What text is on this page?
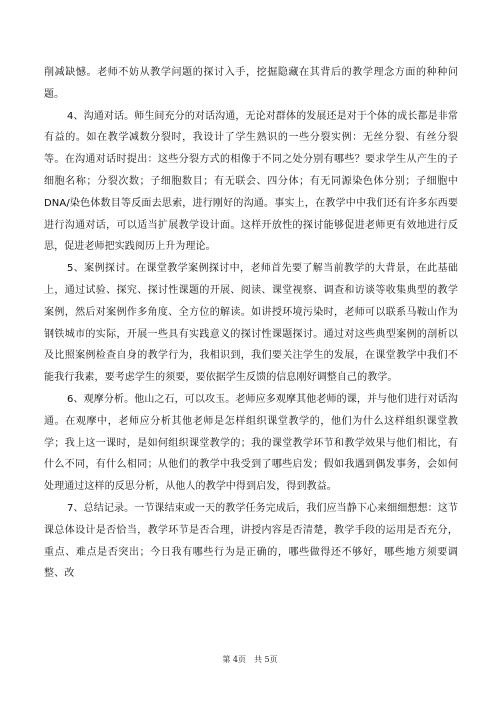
削减缺憾。老师不妨从教学问题的探讨入手，挖掘隐藏在其背后的教学理念方面的种种问题。

4、沟通对话。师生间充分的对话沟通，无论对群体的发展还是对于个体的成长都是非常有益的。如在教学减数分裂时，我设计了学生熟识的一些分裂实例：无丝分裂、有丝分裂等。在沟通对话时提出：这些分裂方式的相像于不同之处分别有哪些？要求学生从产生的子细胞名称；分裂次数；子细胞数目；有无联会、四分体；有无同源染色体分别；子细胞中DNA/染色体数目等反面去思索，进行刚好的沟通。事实上，在教学中中我们还有许多东西要进行沟通对话，可以适当扩展教学设计面。这样开放性的探讨能够促进老师更有效地进行反思，促进老师把实践阅历上升为理论。

5、案例探讨。在课堂教学案例探讨中，老师首先要了解当前教学的大背景，在此基础上，通过试验、探究、探讨性课题的开展、阅读、课堂视察、调查和访谈等收集典型的教学案例，然后对案例作多角度、全方位的解读。如讲授环境污染时，老师可以联系马鞍山作为钢铁城市的实际，开展一些具有实践意义的探讨性课题探讨。通过对这些典型案例的剖析以及比照案例检查自身的教学行为，我相识到，我们要关注学生的发展，在课堂教学中我们不能我行我素，要考虑学生的须要，要依据学生反馈的信息刚好调整自己的教学。

6、观摩分析。他山之石，可以攻玉。老师应多观摩其他老师的课，并与他们进行对话沟通。在观摩中，老师应分析其他老师是怎样组织课堂教学的，他们为什么这样组织课堂教学；我上这一课时，是如何组织课堂教学的；我的课堂教学环节和教学效果与他们相比，有什么不同，有什么相同；从他们的教学中我受到了哪些启发；假如我遇到偶发事务，会如何处理通过这样的反思分析，从他人的教学中得到启发，得到教益。

7、总结记录。一节课结束或一天的教学任务完成后，我们应当静下心来细细想想：这节课总体设计是否恰当，教学环节是否合理，讲授内容是否清楚，教学手段的运用是否充分，重点、难点是否突出；今日我有哪些行为是正确的，哪些做得还不够好，哪些地方须要调整、改

第 4页　共 5页
